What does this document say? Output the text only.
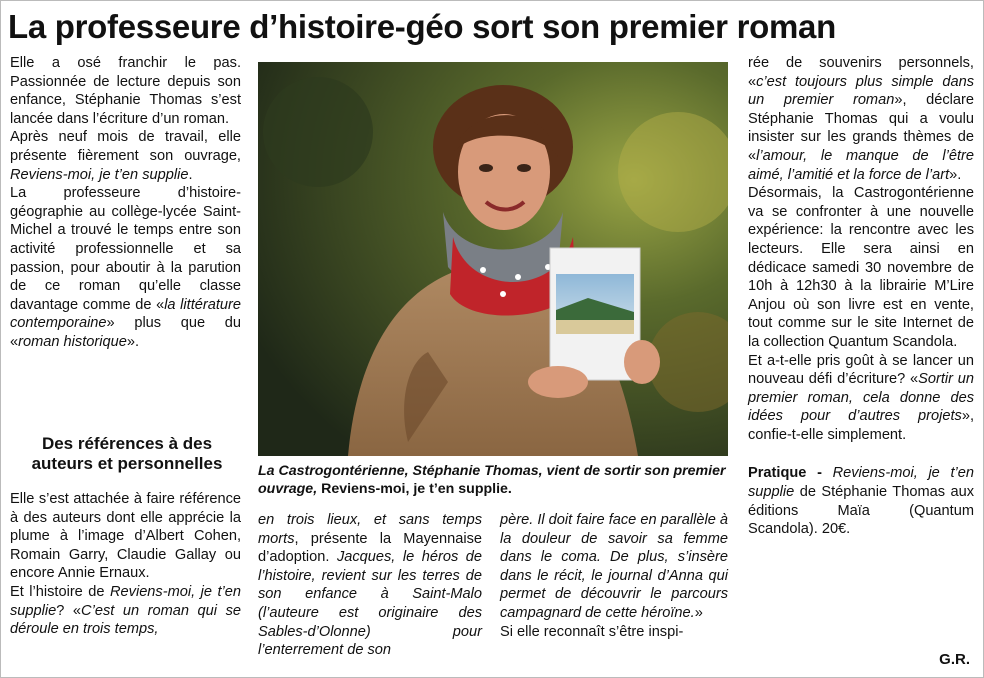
La professeure d’histoire-géo sort son premier roman

Elle a osé franchir le pas. Passionnée de lecture depuis son enfance, Stéphanie Thomas s’est lancée dans l’écriture d’un roman.

Après neuf mois de travail, elle présente fièrement son ouvrage, Reviens-moi, je t’en supplie.

La professeure d’histoire-géographie au collège-lycée Saint-Michel a trouvé le temps entre son activité professionnelle et sa passion, pour aboutir à la parution de ce roman qu’elle classe davantage comme de «la littérature contemporaine» plus que du «roman historique».

Des références à des auteurs et personnelles

Elle s’est attachée à faire référence à des auteurs dont elle apprécie la plume à l’image d’Albert Cohen, Romain Garry, Claudie Gallay ou encore Annie Ernaux.

Et l’histoire de Reviens-moi, je t’en supplie? «C’est un roman qui se déroule en trois temps,

La Castrogontérienne, Stéphanie Thomas, vient de sortir son premier ouvrage, Reviens-moi, je t’en supplie.

en trois lieux, et sans temps morts, présente la Mayennaise d’adoption. Jacques, le héros de l’histoire, revient sur les terres de son enfance à Saint-Malo (l’auteure est originaire des Sables-d’Olonne) pour l’enterrement de son

père. Il doit faire face en parallèle à la douleur de savoir sa femme dans le coma. De plus, s’insère dans le récit, le journal d’Anna qui permet de découvrir le parcours campagnard de cette héroïne.»

Si elle reconnaît s’être inspi-

rée de souvenirs personnels, «c’est toujours plus simple dans un premier roman», déclare Stéphanie Thomas qui a voulu insister sur les grands thèmes de «l’amour, le manque de l’être aimé, l’amitié et la force de l’art».

Désormais, la Castrogontérienne va se confronter à une nouvelle expérience: la rencontre avec les lecteurs. Elle sera ainsi en dédicace samedi 30 novembre de 10h à 12h30 à la librairie M’Lire Anjou où son livre est en vente, tout comme sur le site Internet de la collection Quantum Scandola.

Et a-t-elle pris goût à se lancer un nouveau défi d’écriture? «Sortir un premier roman, cela donne des idées pour d’autres projets», confie-t-elle simplement.

Pratique - Reviens-moi, je t’en supplie de Stéphanie Thomas aux éditions Maïa (Quantum Scandola). 20€.

G.R.
